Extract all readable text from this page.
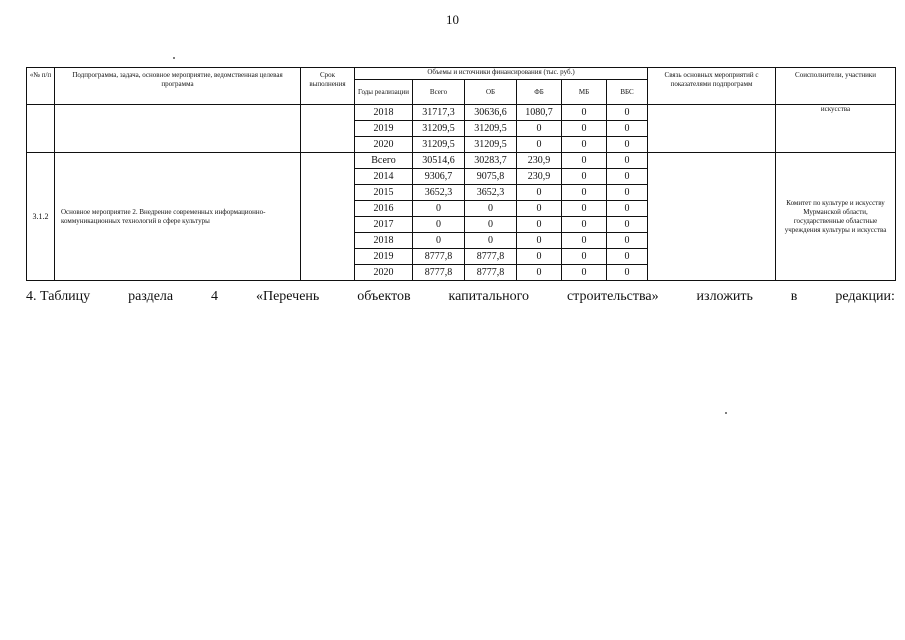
10
«№ п/п	Подпрограмма, задача, основное мероприятие, ведомственная целевая программа	Срок выполнения	Объемы и источники финансирования (тыс. руб.)						Связь основных мероприятий с показателями подпрограмм	Соисполнители, участники
			Годы реализации	Всего	ОБ	ФБ	МБ	ВБС		
			2018	31717,3	30636,6	1080,7	0	0		искусства
			2019	31209,5	31209,5	0	0	0		
			2020	31209,5	31209,5	0	0	0		
3.1.2	Основное мероприятие 2. Внедрение современных информационно-коммуникационных технологий в сфере культуры		Всего	30514,6	30283,7	230,9	0	0		Комитет по культуре и искусству Мурманской области, государственные областные учреждения культуры и искусства
			2014	9306,7	9075,8	230,9	0	0		
			2015	3652,3	3652,3	0	0	0		
			2016	0	0	0	0	0		
			2017	0	0	0	0	0		
			2018	0	0	0	0	0		
			2019	8777,8	8777,8	0	0	0		
			2020	8777,8	8777,8	0	0	0		
4. Таблицу	раздела	4	«Перечень	объектов	капитального	строительства»	изложить	в	редакции:
